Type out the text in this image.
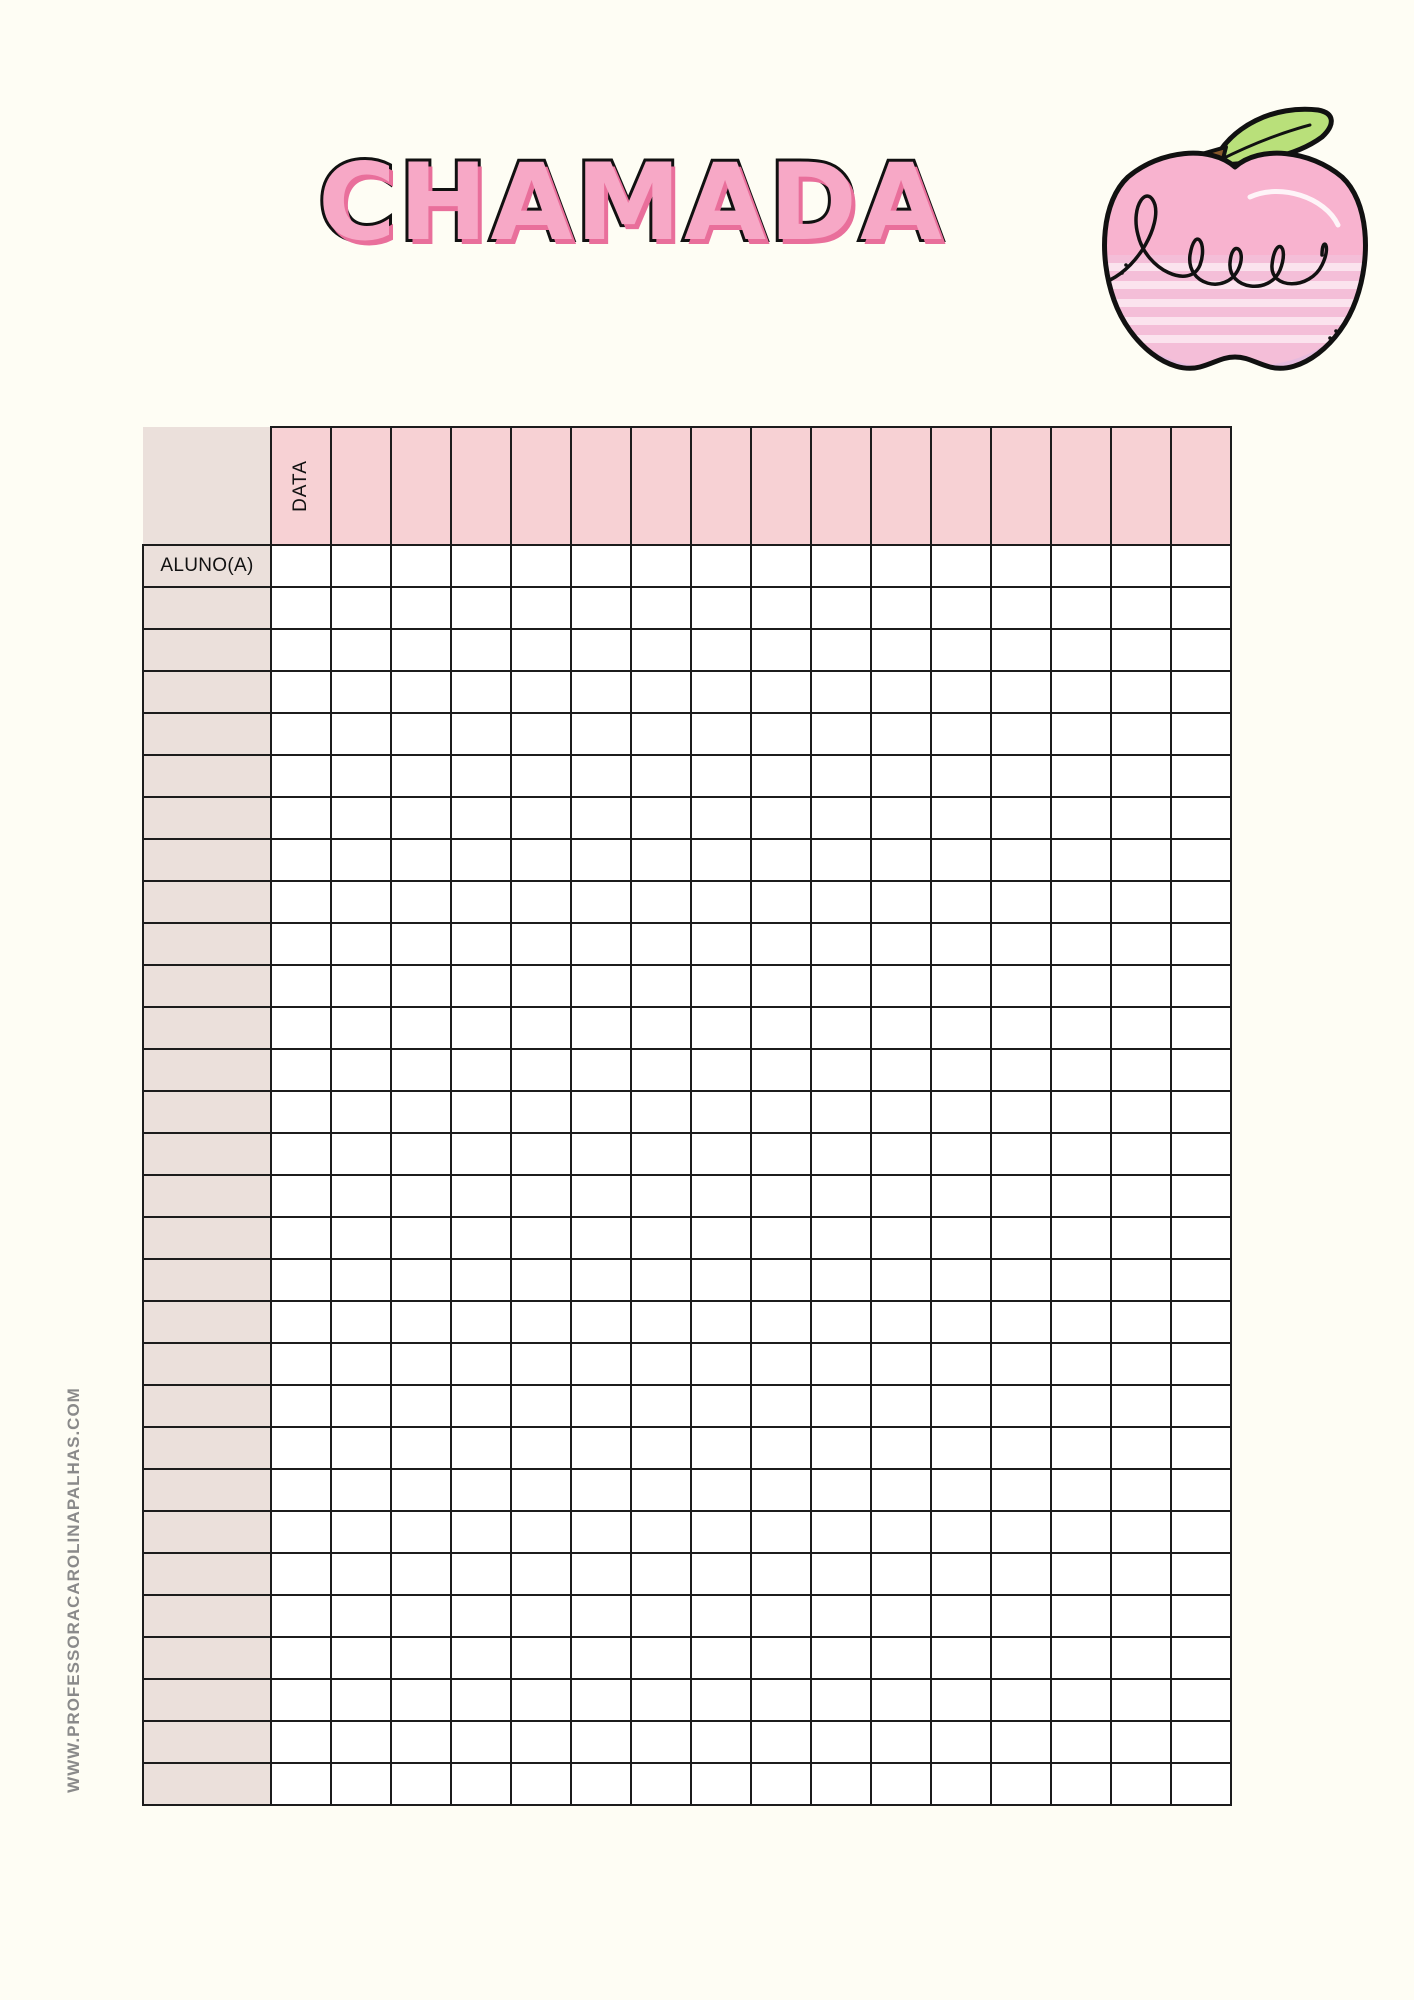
CHAMADA

	DATA															

ALUNO(A)																

WWW.PROFESSORACAROLINAPALHAS.COM
